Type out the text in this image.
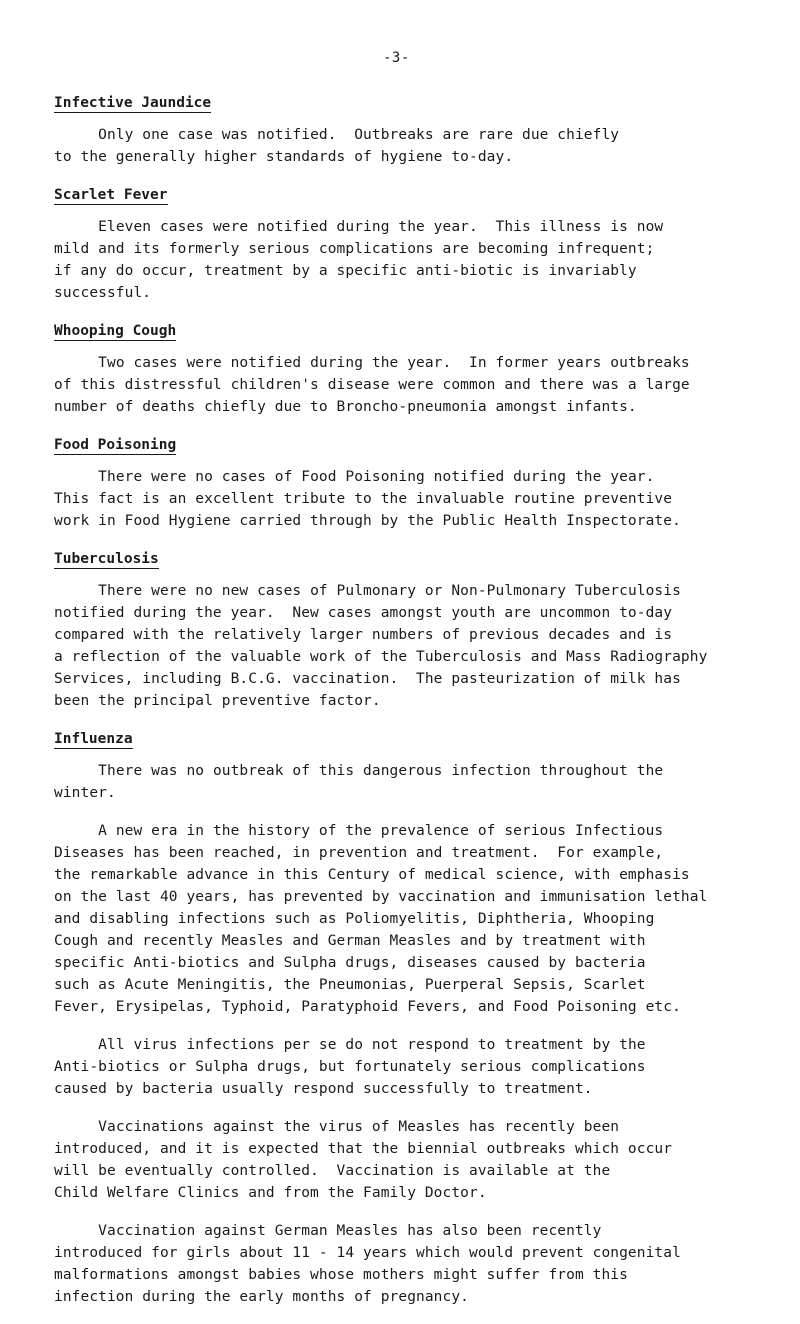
-3-
Infective Jaundice

Only one case was notified.  Outbreaks are rare due chiefly
to the generally higher standards of hygiene to-day.

Scarlet Fever

Eleven cases were notified during the year.  This illness is now
mild and its formerly serious complications are becoming infrequent;
if any do occur, treatment by a specific anti-biotic is invariably
successful.

Whooping Cough

Two cases were notified during the year.  In former years outbreaks
of this distressful children's disease were common and there was a large
number of deaths chiefly due to Broncho-pneumonia amongst infants.

Food Poisoning

There were no cases of Food Poisoning notified during the year.
This fact is an excellent tribute to the invaluable routine preventive
work in Food Hygiene carried through by the Public Health Inspectorate.

Tuberculosis

There were no new cases of Pulmonary or Non-Pulmonary Tuberculosis
notified during the year.  New cases amongst youth are uncommon to-day
compared with the relatively larger numbers of previous decades and is
a reflection of the valuable work of the Tuberculosis and Mass Radiography
Services, including B.C.G. vaccination.  The pasteurization of milk has
been the principal preventive factor.

Influenza

There was no outbreak of this dangerous infection throughout the
winter.

A new era in the history of the prevalence of serious Infectious
Diseases has been reached, in prevention and treatment.  For example,
the remarkable advance in this Century of medical science, with emphasis
on the last 40 years, has prevented by vaccination and immunisation lethal
and disabling infections such as Poliomyelitis, Diphtheria, Whooping
Cough and recently Measles and German Measles and by treatment with
specific Anti-biotics and Sulpha drugs, diseases caused by bacteria
such as Acute Meningitis, the Pneumonias, Puerperal Sepsis, Scarlet
Fever, Erysipelas, Typhoid, Paratyphoid Fevers, and Food Poisoning etc.

All virus infections per se do not respond to treatment by the
Anti-biotics or Sulpha drugs, but fortunately serious complications
caused by bacteria usually respond successfully to treatment.

Vaccinations against the virus of Measles has recently been
introduced, and it is expected that the biennial outbreaks which occur
will be eventually controlled.  Vaccination is available at the
Child Welfare Clinics and from the Family Doctor.

Vaccination against German Measles has also been recently
introduced for girls about 11 - 14 years which would prevent congenital
malformations amongst babies whose mothers might suffer from this
infection during the early months of pregnancy.
